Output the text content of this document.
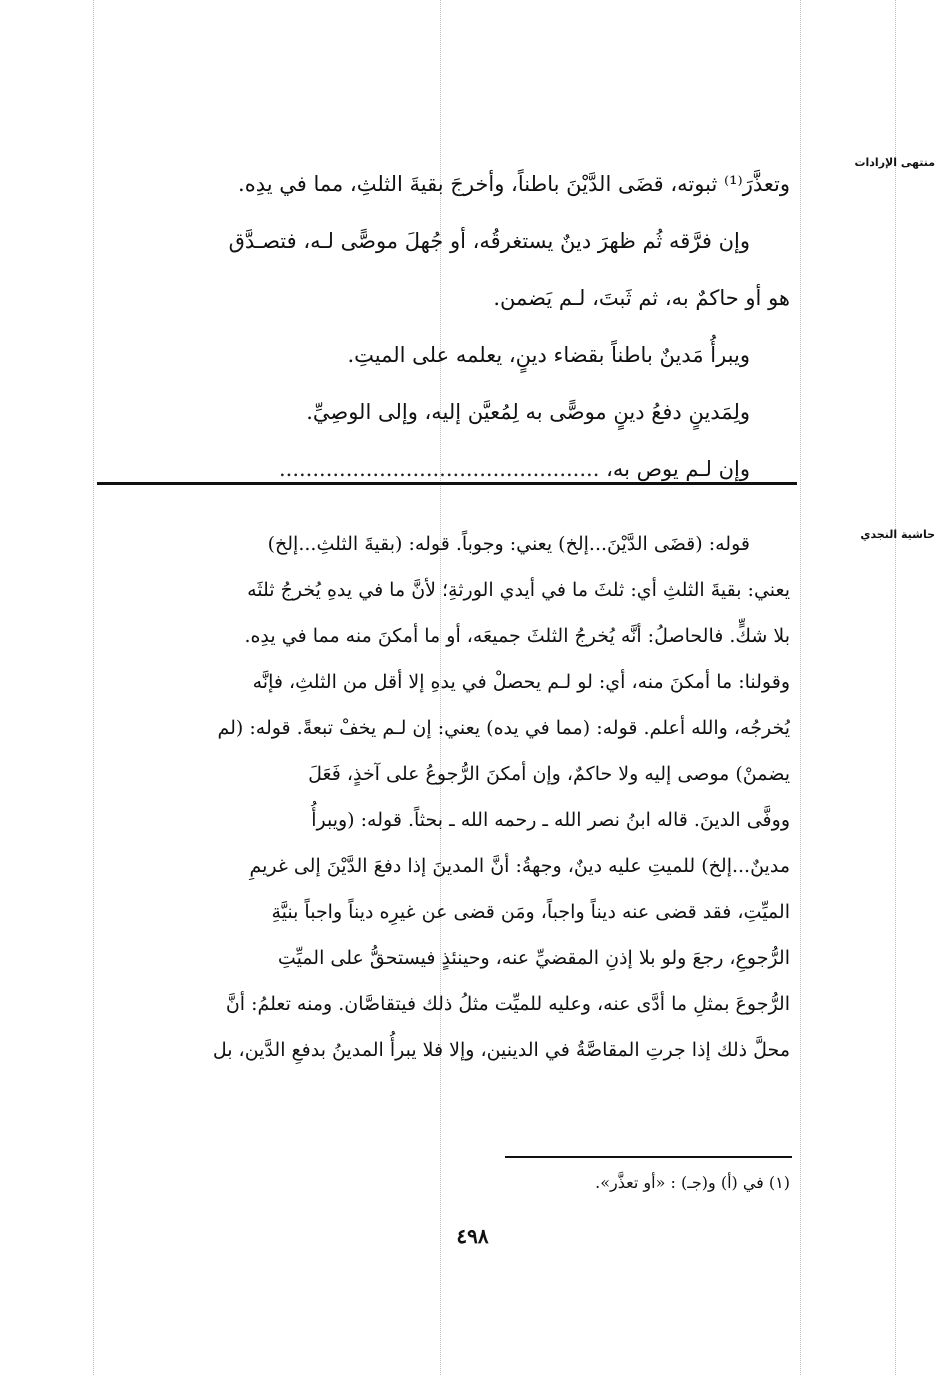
منتهى الإرادات
حاشية النجدي
وتعذَّرَ⁽¹⁾ ثبوته، قضَى الدَّيْنَ باطناً، وأخرجَ بقيةَ الثلثِ، مما في يدِه.
وإن فرَّقه ثُم ظهرَ دينٌ يستغرقُه، أو جُهلَ موصًّى لـه، فتصـدَّق
هو أو حاكمٌ به، ثم ثَبتَ، لـم يَضمن.
ويبرأُ مَدينٌ باطناً بقضاء دينٍ، يعلمه على الميتِ.
ولِمَدينٍ دفعُ دينٍ موصًّى به لِمُعيَّن إليه، وإلى الوصِيِّ.
وإن لـم يوصِ به، ................................................
قوله: (قضَى الدَّيْنَ...إلخ) يعني: وجوباً. قوله: (بقيةَ الثلثِ...إلخ)
يعني: بقيةَ الثلثِ أي: ثلثَ ما في أيدي الورثةِ؛ لأنَّ ما في يدهِ يُخرجُ ثلثَه
بلا شكٍّ. فالحاصلُ: أنَّه يُخرجُ الثلثَ جميعَه، أو ما أمكنَ منه مما في يدِه.
وقولنا: ما أمكنَ منه، أي: لو لـم يحصلْ في يدهِ إلا أقل من الثلثِ، فإنَّه
يُخرجُه، والله أعلم. قوله: (مما في يده) يعني: إن لـم يخفْ تبعةً. قوله: (لم
يضمنْ) موصى إليه ولا حاكمٌ، وإن أمكنَ الرُّجوعُ على آخذٍ، فَعَلَ
ووفَّى الدينَ. قاله ابنُ نصر الله ـ رحمه الله ـ بحثاً. قوله: (ويبرأُ
مدينٌ...إلخ) للميتِ عليه دينٌ، وجهةُ: أنَّ المدينَ إذا دفعَ الدَّيْنَ إلى غريمِ
الميِّتِ، فقد قضى عنه ديناً واجباً، ومَن قضى عن غيرِه ديناً واجباً بنيَّةِ
الرُّجوعِ، رجعَ ولو بلا إذنِ المقضيِّ عنه، وحينئذٍ فيستحقُّ على الميِّتِ
الرُّجوعَ بمثلِ ما أدَّى عنه، وعليه للميِّت مثلُ ذلك فيتقاصَّان. ومنه تعلمُ: أنَّ
محلَّ ذلك إذا جرتِ المقاصَّةُ في الدينين، وإلا فلا يبرأُ المدينُ بدفعِ الدَّين، بل
(١) في (أ) و(جـ) : «أو تعذَّر».
٤٩٨
